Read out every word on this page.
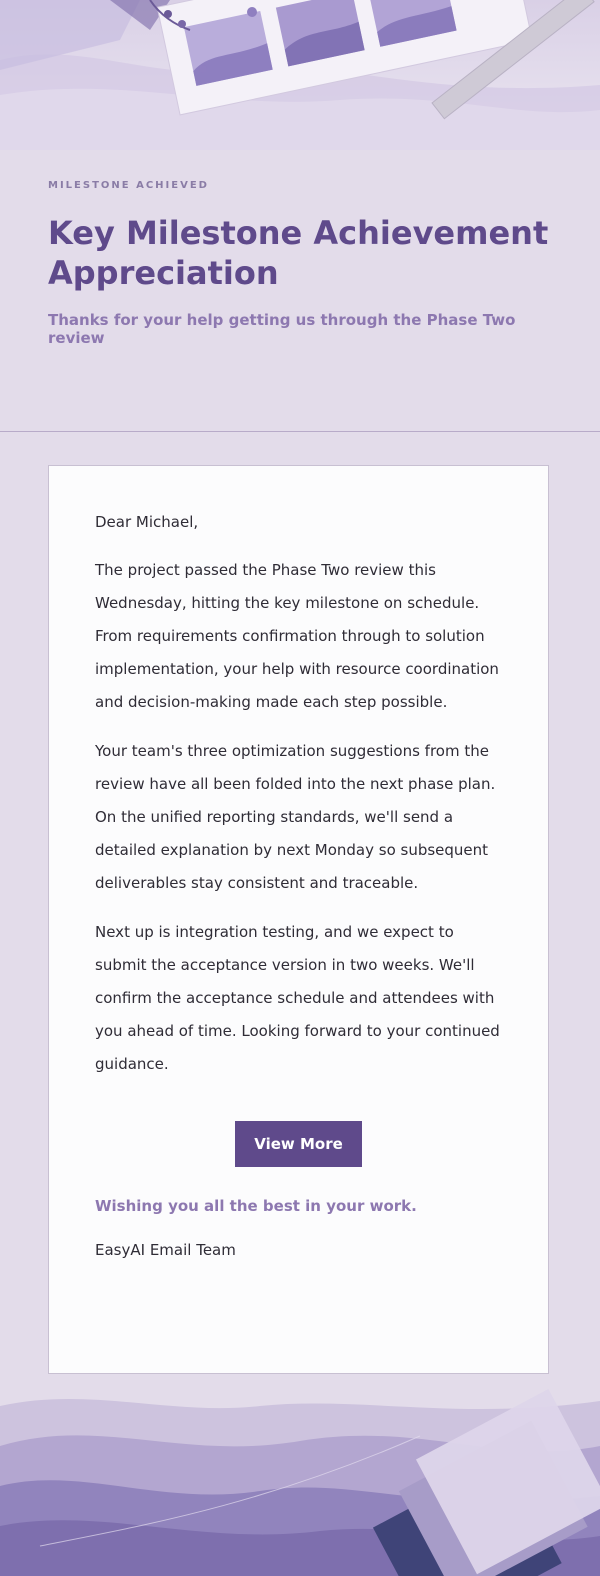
MILESTONE ACHIEVED

Key Milestone Achievement Appreciation

Thanks for your help getting us through the Phase Two review

Dear Michael,

The project passed the Phase Two review this Wednesday, hitting the key milestone on schedule. From requirements confirmation through to solution implementation, your help with resource coordination and decision-making made each step possible.

Your team's three optimization suggestions from the review have all been folded into the next phase plan. On the unified reporting standards, we'll send a detailed explanation by next Monday so subsequent deliverables stay consistent and traceable.

Next up is integration testing, and we expect to submit the acceptance version in two weeks. We'll confirm the acceptance schedule and attendees with you ahead of time. Looking forward to your continued guidance.

View More

Wishing you all the best in your work.

EasyAI Email Team
